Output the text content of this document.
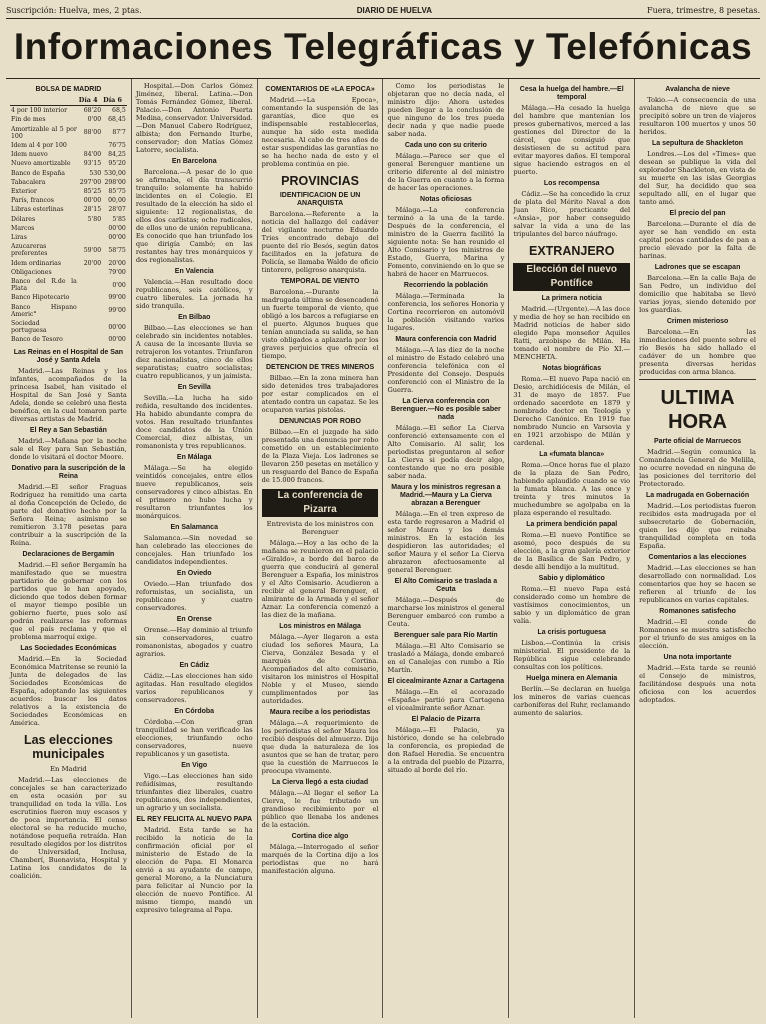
Suscripción: Huelva, mes, 2 ptas.	DIARIO DE HUELVA	Fuera, trimestre, 8 pesetas.
Informaciones Telegráficas y Telefónicas
BOLSA DE MADRID
	Día 4	Día 6
4 por 100 interior	68'20	68,5
Fin de mes	0'00	68,45
Amortizable al 5 por 100	88'00	87'7
Idem al 4 por 100		76'75
Idem nuevo	84'00	84,25
Nuevo amortizable	93'15	95'20
Banco de España	530	530,00
Tabacalera	297'00	298'00
Exterior	85'25	85'75
París, francos	00'00	00,00
Libras esterlinas	28'15	28'07
Dólares	5'80	5'85
Marcos		00'00
Liras		00'00
Azucareras preferentes	59'00	58'75
Idem ordinarias	20'00	20'00
Obligaciones		79'00
Banco del R.de la Plata		0'00
Banco Hipotecario		99'00
Banco Hispano Americ°		99'00
Sociedad portuguesa		00'00
Banco de Tesoro		00'00
Las Reinas en el Hospital de San José y Santa Adela

Madrid.—Las Reinas y los infantes, acompañados de la princesa Isabel, han visitado el Hospital de San José y Santa Adela, donde se celebró una fiesta benéfica, en la cual tomaron parte diversas artistas de Madrid.

El Rey a San Sebastián

Madrid.—Mañana por la noche sale el Rey para San Sebastián, donde lo visitará el doctor Moore.

Donativo para la suscripción de la Reina

Madrid.—El señor Fraguas Rodríguez ha remitido una carta al doña Concepción de Ocledo, de parte del donativo hecho por la Señora Reina; asimismo se remitieron 3.178 pesetas para contribuir a la suscripción de la Reina.

Declaraciones de Bergamín

Madrid.—El señor Bergamín ha manifestado que se muestra partidario de gobernar con los partidos que le han apoyado, diciendo que todos deben formar el mayor tiempo posible un gobierno fuerte, pues solo así podrán realizarse las reformas que el país reclama y que el problema marroquí exige.

Las Sociedades Económicas

Madrid.—En la Sociedad Económica Matritense se reunió la Junta de delegados de las Sociedades Económicas de España, adoptando las siguientes acuerdos: buscar los datos relativos a la existencia de Sociedades Económicas en América.

Las elecciones municipales
En Madrid

Madrid.—Las elecciones de concejales se han caracterizado en esta ocasión por su tranquilidad en toda la villa. Los escrutinios fueron muy escasos y de poca importancia. El censo electoral se ha reducido mucho, notándose pequeña retraída. Han resultado elegidos por los distritos de Universidad, Inclusa, Chamberí, Buenavista, Hospital y Latina los candidatos de la coalición.

Hospital.—Don Carlos Gómez Jiménez, liberal. Latina.—Don Tomás Fernández Gómez, liberal. Palacio.—Don Antonio Puerta Medina, conservador. Universidad.—Don Manuel Cabero Rodríguez, albista; don Fernando Iturbe, conservador; don Matías Gómez Latorre, socialista.

En Barcelona

Barcelona.—A pesar de lo que se afirmaba, el día transcurrió tranquilo: solamente ha habido incidentes en el Colegio. El resultado de la elección ha sido el siguiente: 12 regionalistas, de ellos dos carlistas; ocho radicales, de ellos uno de unión republicana. Es conocido que han triunfado los que dirigía Cambó; en las restantes hay tres monárquicos y dos regionalistas.

En Valencia

Valencia.—Han resultado doce republicanos, seis católicos, y cuatro liberales. La jornada ha sido tranquila.

En Bilbao

Bilbao.—Las elecciones se han celebrado sin incidentes notables. A causa de la incesante lluvia se retrajeron los votantes. Triunfaron diez nacionalistas, cinco de ellos separatistas; cuatro socialistas; cuatro republicanos, y un jaimista.

En Sevilla

Sevilla.—La lucha ha sido reñida, resultando dos incidentes. Ha habido abundante compra de votos. Han resultado triunfantes doce candidatos de la Unión Comercial, diez albistas, un romanonista y tres republicanos.

En Málaga

Málaga.—Se ha elegido veintidós concejales, entre ellos nueve republicanos, seis conservadores y cinco albistas. En el primero no hubo lucha y resultaron triunfantes los monárquicos.

En Salamanca

Salamanca.—Sin novedad se han celebrado las elecciones de concejales. Han triunfado los candidatos independientes.

En Oviedo

Oviedo.—Han triunfado dos reformistas, un socialista, un republicano y cuatro conservadores.

En Orense

Orense.—Hay dominio al triunfo sin conservadores, cuatro romanonistas, abogados y cuatro agrarios.

En Cádiz

Cádiz.—Las elecciones han sido agitadas. Han resultado elegidos varios republicanos y conservadores.

En Córdoba

Córdoba.—Con gran tranquilidad se han verificado las elecciones, triunfando ocho conservadores, nueve republicanos y un gasetista.

En Vigo

Vigo.—Las elecciones han sido reñidísimas, resultando triunfantes diez liberales, cuatro republicanos, dos independientes, un agrario y un socialista.

EL REY FELICITA AL NUEVO PAPA

Madrid. Esta tarde se ha recibido la noticia de la confirmación oficial por el ministerio de Estado de la elección de Papa. El Monarca envió a su ayudante de campo, general Moreno, a la Nunciatura para felicitar al Nuncio por la elección de nuevo Pontífice. Al mismo tiempo, mandó un expresivo telegrama al Papa.

COMENTARIOS DE «LA EPOCA»

Madrid.—«La Epoca», comentando la suspensión de las garantías, dice que es indispensable restablecerlas, aunque ha sido esta medida necesaria. Al cabo de tres años de estar suspendidas las garantías no se ha hecho nada de esto y el problema continúa en pie.

PROVINCIAS
IDENTIFICACION DE UN ANARQUISTA

Barcelona.—Referente a la noticia del hallazgo del cadáver del vigilante nocturno Eduardo Tries encontrado debajo del puente del río Besós, según datos facilitados en la jefatura de Policía, se llamaba Waldo de oficio tintorero, peligroso anarquista.

TEMPORAL DE VIENTO

Barcelona.—Durante la madrugada última se desencadenó un fuerte temporal de viento, que obligó a los barcos a refugiarse en el puerto. Algunos buques que tenían anunciada su salida, se han visto obligados a aplazarla por los graves perjuicios que ofrecía el tiempo.

DETENCION DE TRES MINEROS

Bilbao.—En la zona minera han sido detenidos tres trabajadores por estar complicados en el atentado contra un capataz. Se les ocuparon varias pistolas.

DENUNCIAS POR ROBO

Bilbao.—En el juzgado ha sido presentada una denuncia por robo cometido en un establecimiento de la Plaza Vieja. Los ladrones se llevaron 250 pesetas en metálico y un resguardo del Banco de España de 15.000 francos.

La conferencia de Pizarra
Entrevista de los ministros con Berenguer

Málaga.—Hoy a las ocho de la mañana se reunieron en el palacio «Giraldo», a bordo del barco de guerra que conducirá al general Berenguer a España, los ministros y el Alto Comisario. Acudieron a recibir al general Berenguer, el almirante de la Armada y el señor Aznar. La conferencia comenzó a las diez de la mañana.

Los ministros en Málaga

Málaga.—Ayer llegaron a esta ciudad los señores Maura, La Cierva, González Besada y el marqués de Cortina. Acompañados del alto comisario, visitaron los ministros el Hospital Noble y el Museo, siendo cumplimentados por las autoridades.

Maura recibe a los periodistas

Málaga.—A requerimiento de los periodistas el señor Maura los recibió después del almuerzo. Dijo que duda la naturaleza de los asuntos que se han de tratar, pero que la cuestión de Marruecos le preocupa vivamente.

La Cierva llegó a esta ciudad

Málaga.—Al llegar el señor La Cierva, le fue tributado un grandioso recibimiento por el público que llenaba los andenes de la estación.

Cortina dice algo

Málaga.—Interrogado el señor marqués de la Cortina dijo a los periodistas que no hará manifestación alguna.

Como los periodistas le objetaran que no decía nada, el ministro dijo: Ahora ustedes pueden llegar a la conclusión de que ninguno de los tres pueda decir nada y que nadie puede saber nada.

Cada uno con su criterio

Málaga.—Parece ser que el general Berenguer mantiene un criterio diferente al del ministro de la Guerra en cuanto a la forma de hacer las operaciones.

Notas oficiosas

Málaga.—La conferencia terminó a la una de la tarde. Después de la conferencia, el ministro de la Guerra facilitó la siguiente nota: Se han reunido el Alto Comisario y los ministros de Estado, Guerra, Marina y Fomento, conviniendo en lo que se habrá de hacer en Marruecos.

Recorriendo la población

Málaga.—Terminada la conferencia, los señores Honoria y Cortina recorrieron en automóvil la población visitando varios lugares.

Maura conferencia con Madrid

Málaga.—A las diez de la noche el ministro de Estado celebró una conferencia telefónica con el Presidente del Consejo. Después conferenció con el Ministro de la Guerra.

La Cierva conferencia con Berenguer.—No es posible saber nada

Málaga.—El señor La Cierva conferenció extensamente con el Alto Comisario. Al salir, los periodistas preguntaron al señor La Cierva si podía decir algo, contestando que no era posible saber nada.

Maura y los ministros regresan a Madrid.—Maura y La Cierva abrazan a Berenguer

Málaga.—En el tren expreso de esta tarde regresaron a Madrid el señor Maura y los demás ministros. En la estación les despidieron las autoridades; el señor Maura y el señor La Cierva abrazaron afectuosamente al general Berenguer.

El Alto Comisario se traslada a Ceuta

Málaga.—Después de marcharse los ministros el general Berenguer embarcó con rumbo a Ceuta.

Berenguer sale para Río Martín

Málaga.—El Alto Comisario se trasladó a Málaga, donde embarcó en el Canalejas con rumbo a Río Martín.

El cicealmirante Aznar a Cartagena

Málaga.—En el acorazado «España» partió para Cartagena el vicealmirante señor Aznar.

El Palacio de Pizarra

Málaga.—El Palacio, ya histórico, donde se ha celebrado la conferencia, es propiedad de don Rafael Heredia. Se encuentra a la entrada del pueblo de Pizarra, situado al borde del río.

Cesa la huelga del hambre.—El temporal

Málaga.—Ha cesado la huelga del hambre que mantenían los presos gubernativos, merced a las gestiones del Director de la cárcel, que consiguió que desistiesen de su actitud para evitar mayores daños. El temporal sigue haciendo estragos en el puerto.

Los recompensa

Cádiz.—Se ha concedido la cruz de plata del Mérito Naval a don Juan Rico, practicante del «Ansia», por haber conseguido salvar la vida a una de las tripulantes del barco náufrago.

EXTRANJERO
Elección del nuevo Pontífice
La primera noticia

Madrid.—(Urgente).—A las doce y media de hoy se han recibido en Madrid noticias de haber sido elegido Papa monseñor Aquiles Ratti, arzobispo de Milán. Ha tomado el nombre de Pío XI.—MENCHETA.

Notas biográficas

Roma.—El nuevo Papa nació en Desio, archidiócesis de Milán, el 31 de mayo de 1857. Fue ordenado sacerdote en 1879 y nombrado doctor en Teología y Derecho Canónico. En 1919 fue nombrado Nuncio en Varsovia y en 1921 arzobispo de Milán y cardenal.

La «fumata blanca»

Roma.—Once horas fue el plazo de la plaza de San Pedro, habiendo aplaudido cuando se vio la fumata blanca. A las once y treinta y tres minutos la muchedumbre se agolpaba en la plaza esperando el resultado.

La primera bendición papal

Roma.—El nuevo Pontífice se asomó, poco después de su elección, a la gran galería exterior de la Basílica de San Pedro, y desde allí bendijo a la multitud.

Sabio y diplomático

Roma.—El nuevo Papa está considerado como un hombre de vastísimos conocimientos, un sabio y un diplomático de gran valía.

La crisis portuguesa

Lisboa.—Continúa la crisis ministerial. El presidente de la República sigue celebrando consultas con los políticos.

Huelga minera en Alemania

Berlín.—Se declaran en huelga los mineros de varias cuencas carboníferas del Ruhr, reclamando aumento de salarios.

Avalancha de nieve

Tokio.—A consecuencia de una avalancha de nieve que se precipitó sobre un tren de viajeros resultaron 100 muertos y unos 50 heridos.

La sepultura de Shackleton

Londres.—Los del «Times» que desean se publique la vida del explorador Shackleton, en vista de su muerte en las islas Georgias del Sur, ha decidido que sea sepultado allí, en el lugar que tanto amó.

El precio del pan

Barcelona.—Durante el día de ayer se han vendido en esta capital pocas cantidades de pan a precio elevado por la falta de harinas.

Ladrones que se escapan

Barcelona.—En la calle Baja de San Pedro, un individuo del domicilio que habitaba se llevó varias joyas, siendo detenido por los guardias.

Crimen misterioso

Barcelona.—En las inmediaciones del puente sobre el río Besós ha sido hallado el cadáver de un hombre que presenta diversas heridas producidas con arma blanca.

ULTIMA HORA
Parte oficial de Marruecos

Madrid.—Según comunica la Comandancia General de Melilla, no ocurre novedad en ninguna de las posiciones del territorio del Protectorado.

La madrugada en Gobernación

Madrid.—Los periodistas fueron recibidos esta madrugada por el subsecretario de Gobernación, quien les dijo que reinaba tranquilidad completa en toda España.

Comentarios a las elecciones

Madrid.—Las elecciones se han desarrollado con normalidad. Los comentarios que hoy se hacen se refieren al triunfo de los republicanos en varias capitales.

Romanones satisfecho

Madrid.—El conde de Romanones se muestra satisfecho por el triunfo de sus amigos en la elección.

Una nota importante

Madrid.—Esta tarde se reunió el Consejo de ministros, facilitándose después una nota oficiosa con los acuerdos adoptados.
